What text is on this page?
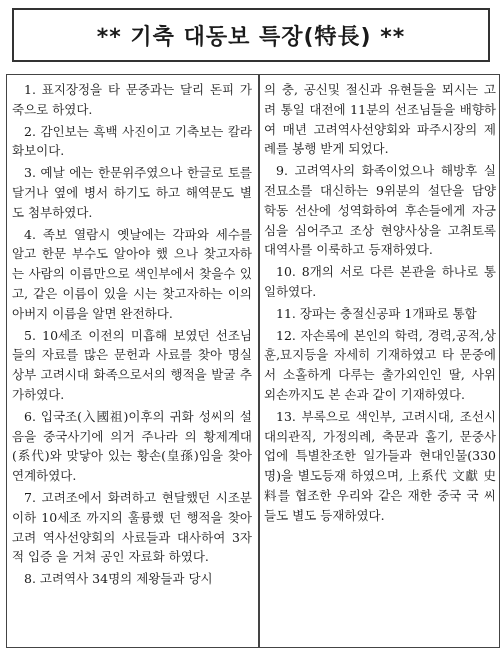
** 기축 대동보 특장(特長) **

1. 표지장정을 타 문중과는 달리 돈피 가죽으로 하였다.

2. 감인보는 흑백 사진이고 기축보는 칼라 화보이다.

3. 예날 에는 한문위주였으나 한글로 토를 달거나 옆에 병서 하기도 하고 해역문도 별도 첨부하였다.

4. 족보 열람시 옛날에는 각파와 세수를 알고 한문 부수도 알아야 했 으나 찾고자하는 사람의 이름만으로 색인부에서 찾을수 있고, 같은 이름이 있을 시는 찾고자하는 이의 아버지 이름을 알면 완전하다.

5. 10세조 이전의 미흡해 보였던 선조님들의 자료를 많은 문헌과 사료를 찾아 명실상부 고려시대 화족으로서의 행적을 발굴 추가하였다.

6. 입국조(入國祖)이후의 귀화 성씨의 설음을 중국사기에 의거 주나라 의 황제계대(系代)와 맞닿아 있는 황손(皇孫)임을 찾아 연계하였다.

7. 고려조에서 화려하고 현달했던 시조분 이하 10세조 까지의 훌륭했 던 행적을 찾아 고려 역사선양회의 사료들과 대사하여 3자적 입증 을 거쳐 공인 자료화 하였다.

8. 고려역사 34명의 제왕들과 당시

의 충, 공신및 절신과 유현들을 뫼시는 고려 통일 대전에 11분의 선조님들을 배향하여 매년 고려역사선양회와 파주시장의 제례를 봉행 받게 되었다.

9. 고려역사의 화족이었으나 해방후 실전묘소를 대신하는 9위분의 설단을 담양 학동 선산에 성역화하여 후손들에게 자긍심을 심어주고 조상 현양사상을 고취토록 대역사를 이룩하고 등재하였다.

10. 8개의 서로 다른 본관을 하나로 통일하였다.

11. 장파는 충절신공파 1개파로 통합

12. 자손록에 본인의 학력, 경력,공적,상훈,묘지등을 자세히 기재하였고 타 문중에서 소홀하게 다루는 출가외인인 딸, 사위 외손까지도 본 손과 같이 기재하였다.

13. 부록으로 색인부, 고려시대, 조선시대의관직, 가정의례, 축문과 홀기, 문중사업에 특별찬조한 일가들과 현대인물(330명)을 별도등재 하였으며, 上系代 文獻 史料를 협조한 우리와 같은 재한 중국 국 씨들도 별도 등재하였다.
